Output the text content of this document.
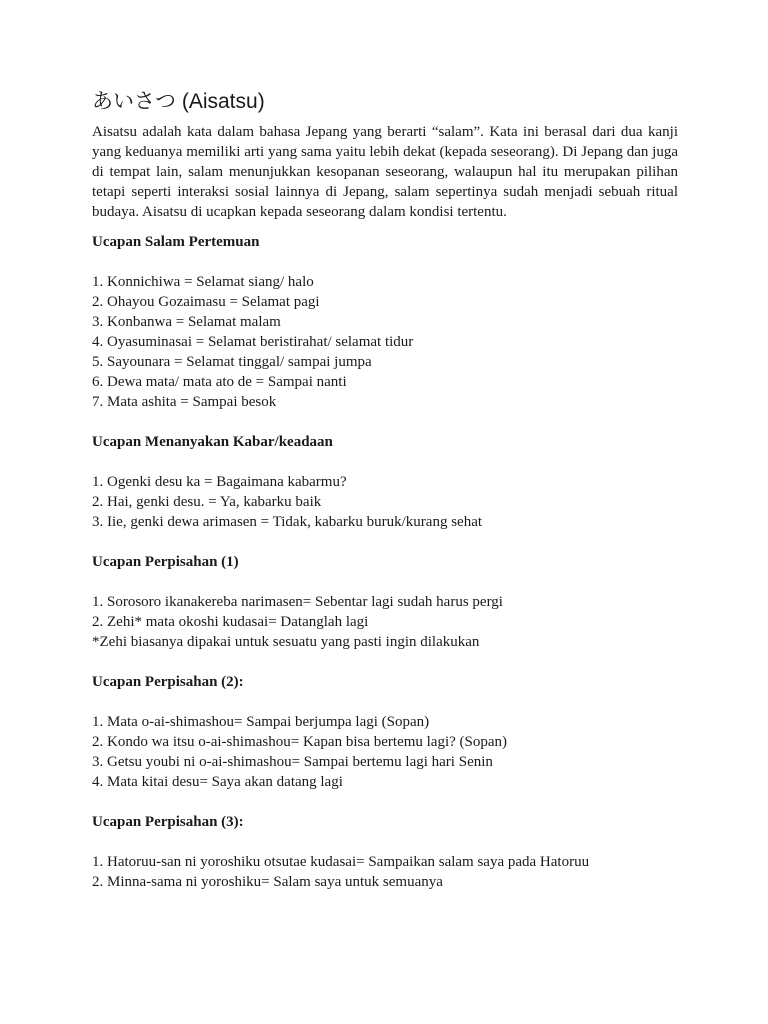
あいさつ (Aisatsu)

Aisatsu adalah kata dalam bahasa Jepang yang berarti “salam”. Kata ini berasal dari dua kanji yang keduanya memiliki arti yang sama yaitu lebih dekat (kepada seseorang). Di Jepang dan juga di tempat lain, salam menunjukkan kesopanan seseorang, walaupun hal itu merupakan pilihan tetapi seperti interaksi sosial lainnya di Jepang, salam sepertinya sudah menjadi sebuah ritual budaya. Aisatsu di ucapkan kepada seseorang dalam kondisi tertentu.

Ucapan Salam Pertemuan

1. Konnichiwa = Selamat siang/ halo

2. Ohayou Gozaimasu = Selamat pagi

3. Konbanwa = Selamat malam

4. Oyasuminasai = Selamat beristirahat/ selamat tidur

5. Sayounara = Selamat tinggal/ sampai jumpa

6. Dewa mata/ mata ato de = Sampai nanti

7. Mata ashita = Sampai besok

Ucapan Menanyakan Kabar/keadaan

1. Ogenki desu ka = Bagaimana kabarmu?

2. Hai, genki desu. = Ya, kabarku baik

3. Iie, genki dewa arimasen = Tidak, kabarku buruk/kurang sehat

Ucapan Perpisahan (1)

1. Sorosoro ikanakereba narimasen= Sebentar lagi sudah harus pergi

2. Zehi* mata okoshi kudasai= Datanglah lagi

*Zehi biasanya dipakai untuk sesuatu yang pasti ingin dilakukan

Ucapan Perpisahan (2):

1. Mata o-ai-shimashou= Sampai berjumpa lagi (Sopan)

2. Kondo wa itsu o-ai-shimashou= Kapan bisa bertemu lagi? (Sopan)

3. Getsu youbi ni o-ai-shimashou= Sampai bertemu lagi hari Senin

4. Mata kitai desu= Saya akan datang lagi

Ucapan Perpisahan (3):

1. Hatoruu-san ni yoroshiku otsutae kudasai= Sampaikan salam saya pada Hatoruu

2. Minna-sama ni yoroshiku= Salam saya untuk semuanya
